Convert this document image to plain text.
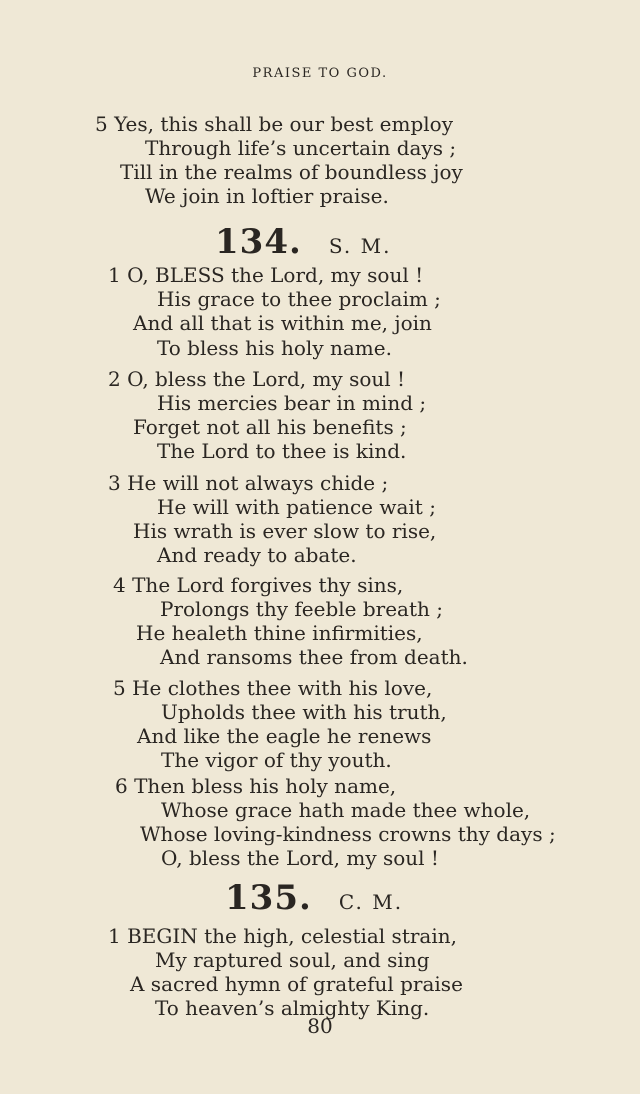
PRAISE TO GOD.
5 Yes, this shall be our best employ
Through life’s uncertain days ;
Till in the realms of boundless joy
We join in loftier praise.
134. S. M.
1 O, BLESS the Lord, my soul !
His grace to thee proclaim ;
And all that is within me, join
To bless his holy name.
2 O, bless the Lord, my soul !
His mercies bear in mind ;
Forget not all his benefits ;
The Lord to thee is kind.
3 He will not always chide ;
He will with patience wait ;
His wrath is ever slow to rise,
And ready to abate.
4 The Lord forgives thy sins,
Prolongs thy feeble breath ;
He healeth thine infirmities,
And ransoms thee from death.
5 He clothes thee with his love,
Upholds thee with his truth,
And like the eagle he renews
The vigor of thy youth.
6 Then bless his holy name,
Whose grace hath made thee whole,
Whose loving-kindness crowns thy days ;
O, bless the Lord, my soul !
135. C. M.
1 BEGIN the high, celestial strain,
My raptured soul, and sing
A sacred hymn of grateful praise
To heaven’s almighty King.
80
